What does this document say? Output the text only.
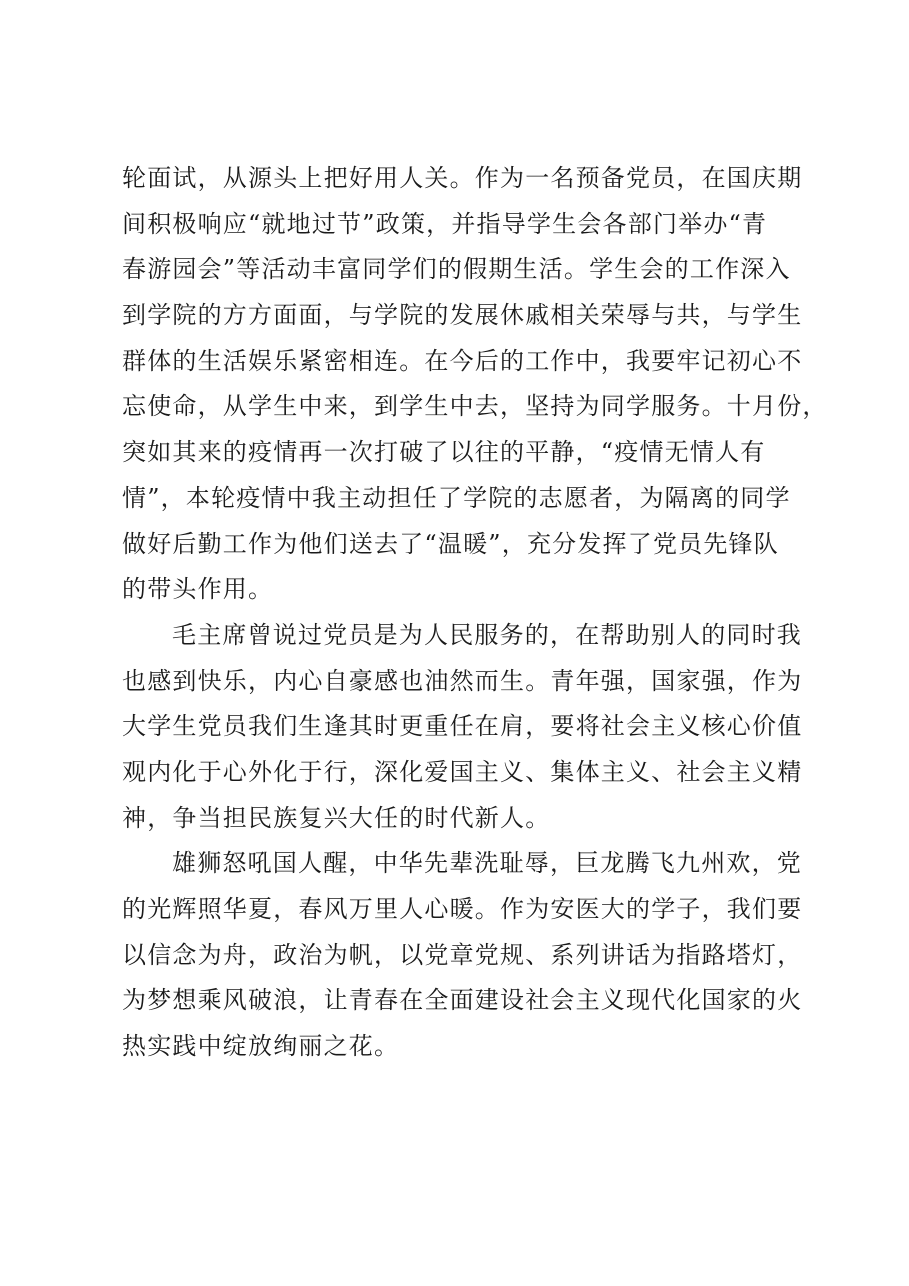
轮面试，从源头上把好用人关。作为一名预备党员，在国庆期
间积极响应“就地过节”政策，并指导学生会各部门举办“青
春游园会”等活动丰富同学们的假期生活。学生会的工作深入
到学院的方方面面，与学院的发展休戚相关荣辱与共，与学生
群体的生活娱乐紧密相连。在今后的工作中，我要牢记初心不
忘使命，从学生中来，到学生中去，坚持为同学服务。十月份，
突如其来的疫情再一次打破了以往的平静，“疫情无情人有
情”，本轮疫情中我主动担任了学院的志愿者，为隔离的同学
做好后勤工作为他们送去了“温暖”，充分发挥了党员先锋队
的带头作用。
毛主席曾说过党员是为人民服务的，在帮助别人的同时我
也感到快乐，内心自豪感也油然而生。青年强，国家强，作为
大学生党员我们生逢其时更重任在肩，要将社会主义核心价值
观内化于心外化于行，深化爱国主义、集体主义、社会主义精
神，争当担民族复兴大任的时代新人。
雄狮怒吼国人醒，中华先辈洗耻辱，巨龙腾飞九州欢，党
的光辉照华夏，春风万里人心暖。作为安医大的学子，我们要
以信念为舟，政治为帆，以党章党规、系列讲话为指路塔灯，
为梦想乘风破浪，让青春在全面建设社会主义现代化国家的火
热实践中绽放绚丽之花。
